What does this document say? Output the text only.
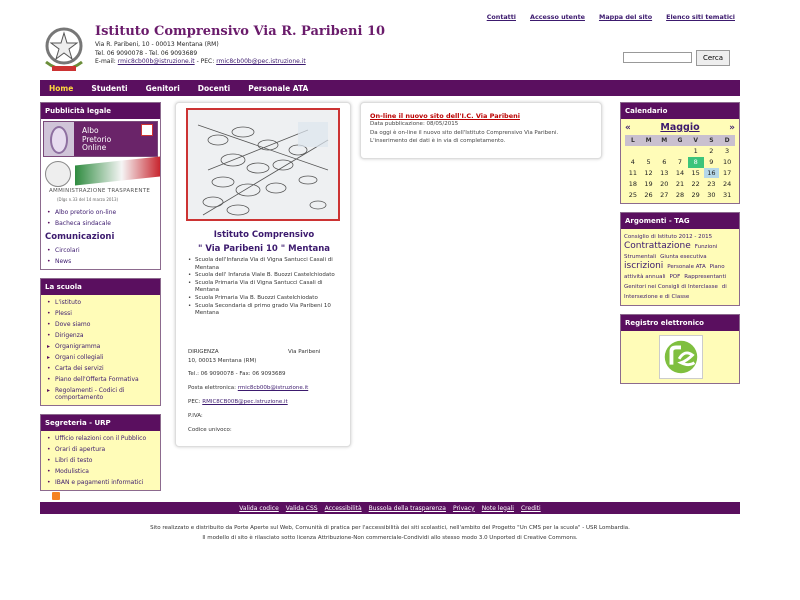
Istituto Comprensivo Via R. Paribeni 10
Via R. Paribeni, 10 - 00013 Mentana (RM)
Tel. 06 9090078 - Tel. 06 9093689
E-mail: rmic8cb00b@istruzione.it - PEC: rmic8cb00b@pec.istruzione.it
Contatti Accesso utente Mappa del sito Elenco siti tematici
Cerca
Home	Studenti	Genitori	Docenti	Personale ATA
Pubblicità legale
Albo
Pretorio
Online
AMMINISTRAZIONE TRASPARENTE
(Dlgs n.33 del 14 marzo 2013)
• Albo pretorio on-line
• Bacheca sindacale
Comunicazioni
• Circolari
• News
La scuola
• L'istituto
• Plessi
• Dove siamo
• Dirigenza
▸ Organigramma
▸ Organi collegiali
• Carta dei servizi
• Piano dell'Offerta Formativa
▸ Regolamenti - Codici di comportamento
Segreteria - URP
• Ufficio relazioni con il Pubblico
• Orari di apertura
• Libri di testo
• Modulistica
• IBAN e pagamenti informatici
Istituto Comprensivo
" Via Paribeni 10 " Mentana
• Scuola dell'Infanzia Via di Vigna Santucci Casali di Mentana
• Scuola dell' Infanzia Viale B. Buozzi Castelchiodato
• Scuola Primaria Via di Vigna Santucci Casali di Mentana
• Scuola Primaria Via B. Buozzi Castelchiodato
• Scuola Secondaria di primo grado Via Paribeni 10 Mentana
DIRIGENZA	Via Paribeni
10, 00013 Mentana (RM)
Tel.: 06 9090078 - Fax: 06 9093689
Posta elettronica: rmic8cb00b@istruzione.it
PEC: RMIC8CB00B@pec.istruzione.it
P.IVA:
Codice univoco:
On-line il nuovo sito dell'I.C. Via Paribeni
Data pubblicazione: 08/05/2015
Da oggi è on-line il nuovo sito dell'Istituto Comprensivo Via Paribeni. L'inserimento dei dati è in via di completamento.
Calendario
«	Maggio	»
L	M	M	G	V	S	D
				1	2	3
4	5	6	7	8	9	10
11	12	13	14	15	16	17
18	19	20	21	22	23	24
25	26	27	28	29	30	31
Argomenti - TAG
Consiglio di Istituto 2012 - 2015 Contrattazione Funzioni Strumentali Giunta esecutiva iscrizioni Personale ATA Piano attività annuali POF Rappresentanti Genitori nei Consigli di Interclasse di Intersezione e di Classe
Registro elettronico
Valida codice Valida CSS Accessibilità Bussola della trasparenza Privacy Note legali Crediti
Sito realizzato e distribuito da Porte Aperte sul Web, Comunità di pratica per l'accessibilità dei siti scolastici, nell'ambito del Progetto "Un CMS per la scuola" - USR Lombardia.
Il modello di sito è rilasciato sotto licenza Attribuzione-Non commerciale-Condividi allo stesso modo 3.0 Unported di Creative Commons.
